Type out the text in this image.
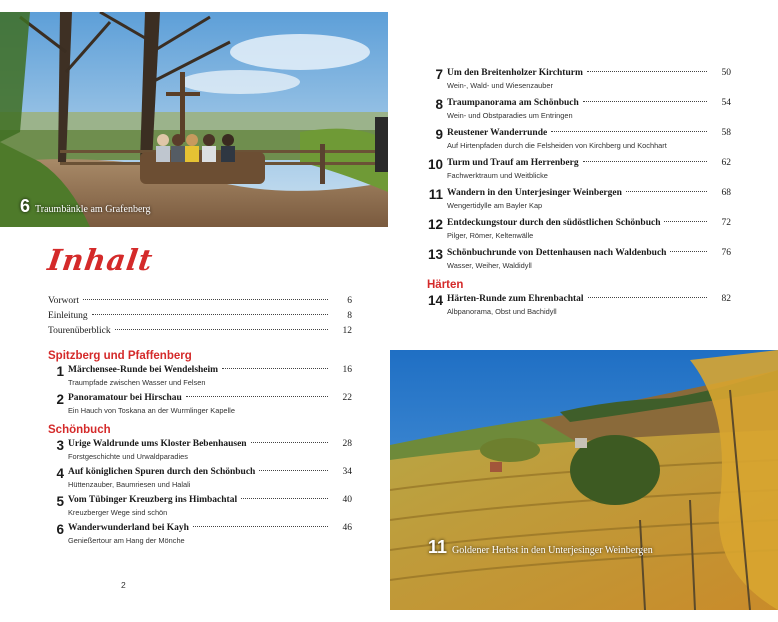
6 Traumbänkle am Grafenberg
Inhalt
Vorwort	6
Einleitung	8
Tourenüberblick	12
Spitzberg und Pfaffenberg
1 Märchensee-Runde bei Wendelsheim	16
Traumpfade zwischen Wasser und Felsen
2 Panoramatour bei Hirschau	22
Ein Hauch von Toskana an der Wurmlinger Kapelle
Schönbuch
3 Urige Waldrunde ums Kloster Bebenhausen	28
Forstgeschichte und Urwaldparadies
4 Auf königlichen Spuren durch den Schönbuch	34
Hüttenzauber, Baumriesen und Halali
5 Vom Tübinger Kreuzberg ins Himbachtal	40
Kreuzberger Wege sind schön
6 Wanderwunderland bei Kayh	46
Genießertour am Hang der Mönche
2
7 Um den Breitenholzer Kirchturm	50
Wein-, Wald- und Wiesenzauber
8 Traumpanorama am Schönbuch	54
Wein- und Obstparadies um Entringen
9 Reustener Wanderrunde	58
Auf Hirtenpfaden durch die Felsheiden von Kirchberg und Kochhart
10 Turm und Trauf am Herrenberg	62
Fachwerktraum und Weitblicke
11 Wandern in den Unterjesinger Weinbergen	68
Wengertidylle am Bayler Kap
12 Entdeckungstour durch den südöstlichen Schönbuch	72
Pilger, Römer, Keltenwälle
13 Schönbuchrunde von Dettenhausen nach Waldenbuch	76
Wasser, Weiher, Waldidyll
Härten
14 Härten-Runde zum Ehrenbachtal	82
Albpanorama, Obst und Bachidyll
11 Goldener Herbst in den Unterjesinger Weinbergen
